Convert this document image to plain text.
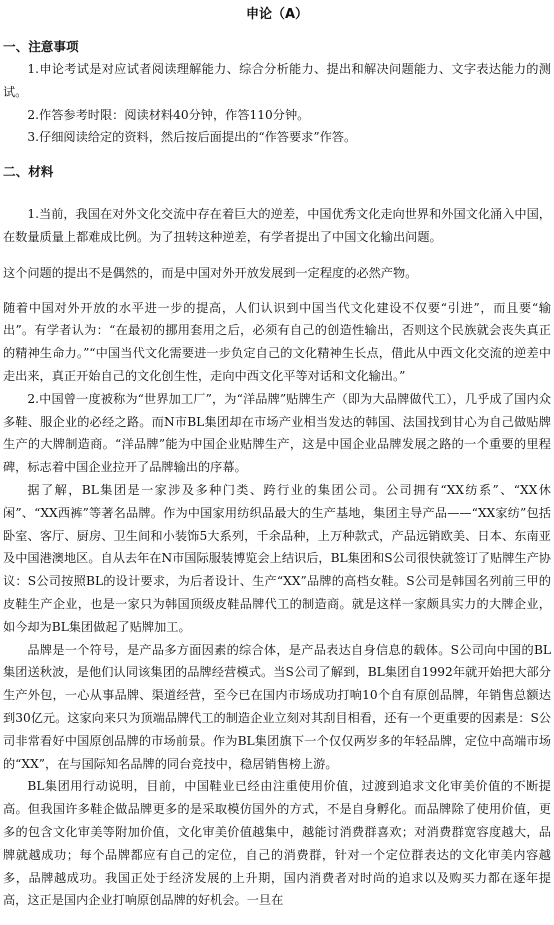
申论（A）
一、注意事项

1.申论考试是对应试者阅读理解能力、综合分析能力、提出和解决问题能力、文字表达能力的测试。

2.作答参考时限：阅读材料40分钟，作答110分钟。

3.仔细阅读给定的资料，然后按后面提出的“作答要求”作答。

二、材料

1.当前，我国在对外文化交流中存在着巨大的逆差，中国优秀文化走向世界和外国文化涌入中国，在数量质量上都难成比例。为了扭转这种逆差，有学者提出了中国文化输出问题。

这个问题的提出不是偶然的，而是中国对外开放发展到一定程度的必然产物。

随着中国对外开放的水平进一步的提高，人们认识到中国当代文化建设不仅要“引进”，而且要“输出”。有学者认为：“在最初的挪用套用之后，必须有自己的创造性输出，否则这个民族就会丧失真正的精神生命力。”“中国当代文化需要进一步负定自己的文化精神生长点，借此从中西文化交流的逆差中走出来，真正开始自己的文化创生性，走向中西文化平等对话和文化输出。”

2.中国曾一度被称为“世界加工厂”，为“洋品牌”贴牌生产（即为大品牌做代工），几乎成了国内众多鞋、服企业的必经之路。而N市BL集团却在市场产业相当发达的韩国、法国找到甘心为自己做贴牌生产的大牌制造商。“洋品牌”能为中国企业贴牌生产，这是中国企业品牌发展之路的一个重要的里程碑，标志着中国企业拉开了品牌输出的序幕。

据了解，BL集团是一家涉及多种门类、跨行业的集团公司。公司拥有“XX纺系”、“XX休闲”、“XX西裤”等著名品牌。作为中国家用纺织品最大的生产基地，集团主导产品——“XX家纺”包括卧室、客厅、厨房、卫生间和小装饰5大系列，千余品种，上万种款式，产品远销欧美、日本、东南亚及中国港澳地区。自从去年在N市国际服装博览会上结识后，BL集团和S公司很快就签订了贴牌生产协议：S公司按照BL的设计要求，为后者设计、生产“XX”品牌的高档女鞋。S公司是韩国名列前三甲的皮鞋生产企业，也是一家只为韩国顶级皮鞋品牌代工的制造商。就是这样一家颇具实力的大牌企业，如今却为BL集团做起了贴牌加工。

品牌是一个符号，是产品多方面因素的综合体，是产品表达自身信息的载体。S公司向中国的BL集团送秋波，是他们认同该集团的品牌经营模式。当S公司了解到，BL集团自1992年就开始把大部分生产外包，一心从事品牌、渠道经营，至今已在国内市场成功打响10个自有原创品牌，年销售总额达到30亿元。这家向来只为顶端品牌代工的制造企业立刻对其刮目相看，还有一个更重要的因素是：S公司非常看好中国原创品牌的市场前景。作为BL集团旗下一个仅仅两岁多的年轻品牌，定位中高端市场的“XX”，在与国际知名品牌的同台竞技中，稳居销售榜上游。

BL集团用行动说明，目前，中国鞋业已经由注重使用价值，过渡到追求文化审美价值的不断提高。但我国许多鞋企做品牌更多的是采取模仿国外的方式，不是自身孵化。而品牌除了使用价值，更多的包含文化审美等附加价值，文化审美价值越集中，越能讨消费群喜欢；对消费群宽容度越大，品牌就越成功；每个品牌都应有自己的定位，自己的消费群，针对一个定位群表达的文化审美内容越多，品牌越成功。我国正处于经济发展的上升期，国内消费者对时尚的追求以及购买力都在逐年提高，这正是国内企业打响原创品牌的好机会。一旦在
